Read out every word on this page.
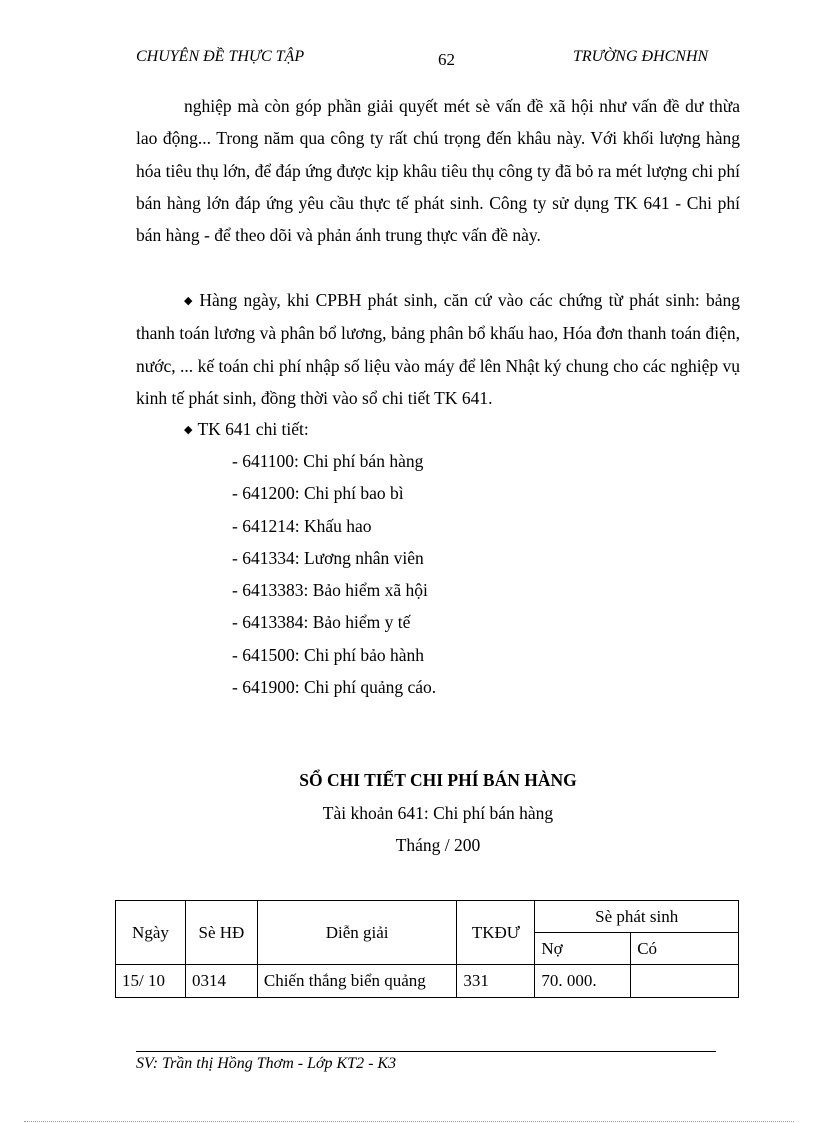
CHUYÊN ĐỀ THỰC TẬP	62	TRƯỜNG ĐHCNHN
nghiệp mà còn góp phần giải quyết mét sè vấn đề xã hội như vấn đề dư thừa lao động... Trong năm qua công ty rất chú trọng đến khâu này. Với khối lượng hàng hóa tiêu thụ lớn, để đáp ứng được kịp khâu tiêu thụ công ty đã bỏ ra mét lượng chi phí bán hàng lớn đáp ứng yêu cầu thực tế phát sinh. Công ty sử dụng TK 641 - Chi phí bán hàng - để theo dõi và phản ánh trung thực vấn đề này.
◆ Hàng ngày, khi CPBH phát sinh, căn cứ vào các chứng từ phát sinh: bảng thanh toán lương và phân bổ lương, bảng phân bổ khấu hao, Hóa đơn thanh toán điện, nước, ... kế toán chi phí nhập số liệu vào máy để lên Nhật ký chung cho các nghiệp vụ kinh tế phát sinh, đồng thời vào sổ chi tiết TK 641.
◆ TK 641 chi tiết:
- 641100: Chi phí bán hàng
- 641200: Chi phí bao bì
- 641214: Khấu hao
- 641334: Lương nhân viên
- 6413383: Bảo hiểm xã hội
- 6413384: Bảo hiểm y tế
- 641500: Chi phí bảo hành
- 641900: Chi phí quảng cáo.
SỔ CHI TIẾT CHI PHÍ BÁN HÀNG
Tài khoản 641: Chi phí bán hàng
Tháng / 200
Ngày	Sè HĐ	Diễn giải	TKĐƯ	Sè phát sinh	
				Nợ	Có
15/ 10	0314	Chiến thắng biển quảng	331	70. 000.	
SV: Trần thị Hồng Thơm - Lớp KT2 - K3
